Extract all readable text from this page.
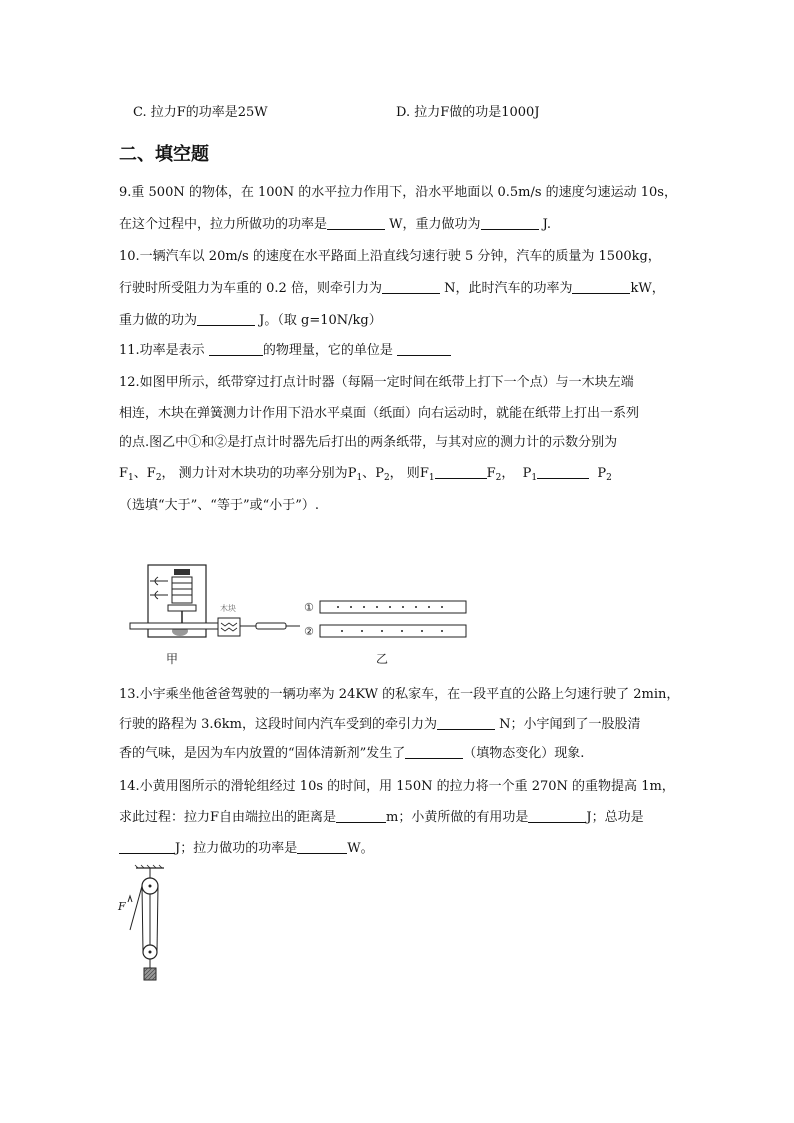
C. 拉力F的功率是25W	D. 拉力F做的功是1000J
二、填空题
9.重 500N 的物体，在 100N 的水平拉力作用下，沿水平地面以 0.5m/s 的速度匀速运动 10s，
在这个过程中，拉力所做功的功率是	W，重力做功为	J.
10.一辆汽车以 20m/s 的速度在水平路面上沿直线匀速行驶 5 分钟，汽车的质量为 1500kg，
行驶时所受阻力为车重的 0.2 倍，则牵引力为	N，此时汽车的功率为	kW，
重力做的功为	J。（取 g=10N/kg）
11.功率是表示	的物理量，它的单位是
12.如图甲所示，纸带穿过打点计时器（每隔一定时间在纸带上打下一个点）与一木块左端
相连，木块在弹簧测力计作用下沿水平桌面（纸面）向右运动时，就能在纸带上打出一系列
的点.图乙中①和②是打点计时器先后打出的两条纸带，与其对应的测力计的示数分别为
$F_1$、$F_2$， 测力计对木块功的功率分别为$P_1$、$P_2$， 则$F_1$	$F_2$， $P_1$	$P_2$
（选填“大于”、“等于”或“小于”）.
木块
甲	乙
①
②
13.小宇乘坐他爸爸驾驶的一辆功率为 24KW 的私家车，在一段平直的公路上匀速行驶了 2min，
行驶的路程为 3.6km，这段时间内汽车受到的牵引力为	N；小宇闻到了一股股清
香的气味，是因为车内放置的“固体清新剂”发生了	（填物态变化）现象.
14.小黄用图所示的滑轮组经过 10s 的时间，用 150N 的拉力将一个重 270N 的重物提高 1m，
求此过程：拉力F自由端拉出的距离是	m；小黄所做的有用功是	J；总功是
J；拉力做功的功率是	W。
F
